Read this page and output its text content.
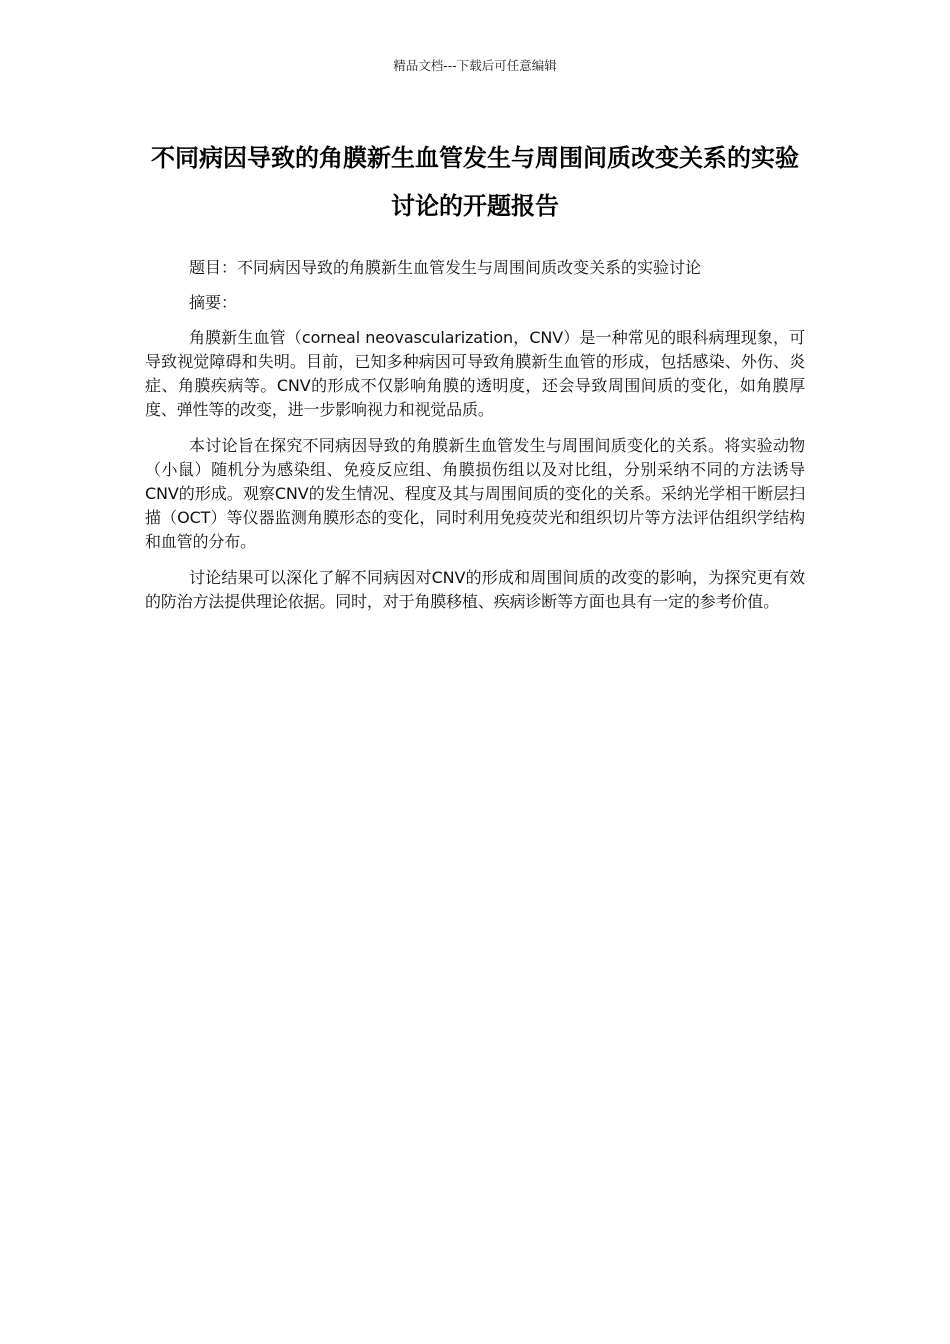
精品文档---下载后可任意编辑
不同病因导致的角膜新生血管发生与周围间质改变关系的实验讨论的开题报告

题目：不同病因导致的角膜新生血管发生与周围间质改变关系的实验讨论

摘要：

角膜新生血管（corneal neovascularization，CNV）是一种常见的眼科病理现象，可导致视觉障碍和失明。目前，已知多种病因可导致角膜新生血管的形成，包括感染、外伤、炎症、角膜疾病等。CNV的形成不仅影响角膜的透明度，还会导致周围间质的变化，如角膜厚度、弹性等的改变，进一步影响视力和视觉品质。

本讨论旨在探究不同病因导致的角膜新生血管发生与周围间质变化的关系。将实验动物（小鼠）随机分为感染组、免疫反应组、角膜损伤组以及对比组，分别采纳不同的方法诱导CNV的形成。观察CNV的发生情况、程度及其与周围间质的变化的关系。采纳光学相干断层扫描（OCT）等仪器监测角膜形态的变化，同时利用免疫荧光和组织切片等方法评估组织学结构和血管的分布。

讨论结果可以深化了解不同病因对CNV的形成和周围间质的改变的影响，为探究更有效的防治方法提供理论依据。同时，对于角膜移植、疾病诊断等方面也具有一定的参考价值。
